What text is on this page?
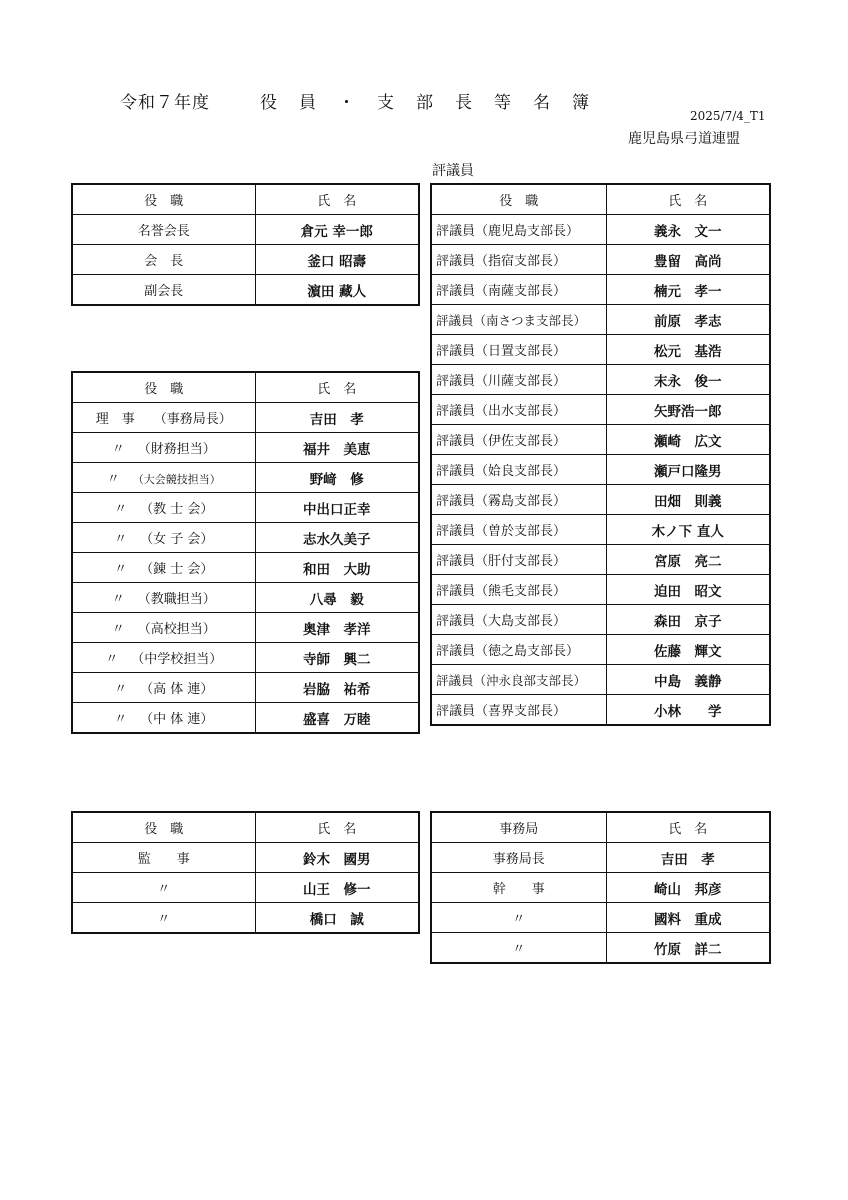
令和７年度	役員・支部長等名簿
2025/7/4_T1
鹿児島県弓道連盟
評議員
役　職	氏　名
名誉会長	倉元 幸一郎
会　長	釜口 昭壽
副会長	濵田 藏人
役　職	氏　名
理　事 （事務局長）	吉田　孝
〃 （財務担当）	福井　美恵
〃 （大会競技担当）	野﨑　修
〃 （教 士 会）	中出口正幸
〃 （女 子 会）	志水久美子
〃 （錬 士 会）	和田　大助
〃 （教職担当）	八尋　毅
〃 （高校担当）	奥津　孝洋
〃 （中学校担当）	寺師　興二
〃 （高 体 連）	岩脇　祐希
〃 （中 体 連）	盛喜　万睦
役　職	氏　名
評議員（鹿児島支部長）	義永　文一
評議員（指宿支部長）	豊留　高尚
評議員（南薩支部長）	楠元　孝一
評議員（南さつま支部長）	前原　孝志
評議員（日置支部長）	松元　基浩
評議員（川薩支部長）	末永　俊一
評議員（出水支部長）	矢野浩一郎
評議員（伊佐支部長）	瀬崎　広文
評議員（姶良支部長）	瀬戸口隆男
評議員（霧島支部長）	田畑　則義
評議員（曽於支部長）	木ノ下 直人
評議員（肝付支部長）	宮原　亮二
評議員（熊毛支部長）	迫田　昭文
評議員（大島支部長）	森田　京子
評議員（徳之島支部長）	佐藤　輝文
評議員（沖永良部支部長）	中島　義静
評議員（喜界支部長）	小林　　学
役　職	氏　名
監　　事	鈴木　國男
〃	山王　修一
〃	橋口　誠
事務局	氏　名
事務局長	吉田　孝
幹　　事	崎山　邦彦
〃	國料　重成
〃	竹原　詳二
